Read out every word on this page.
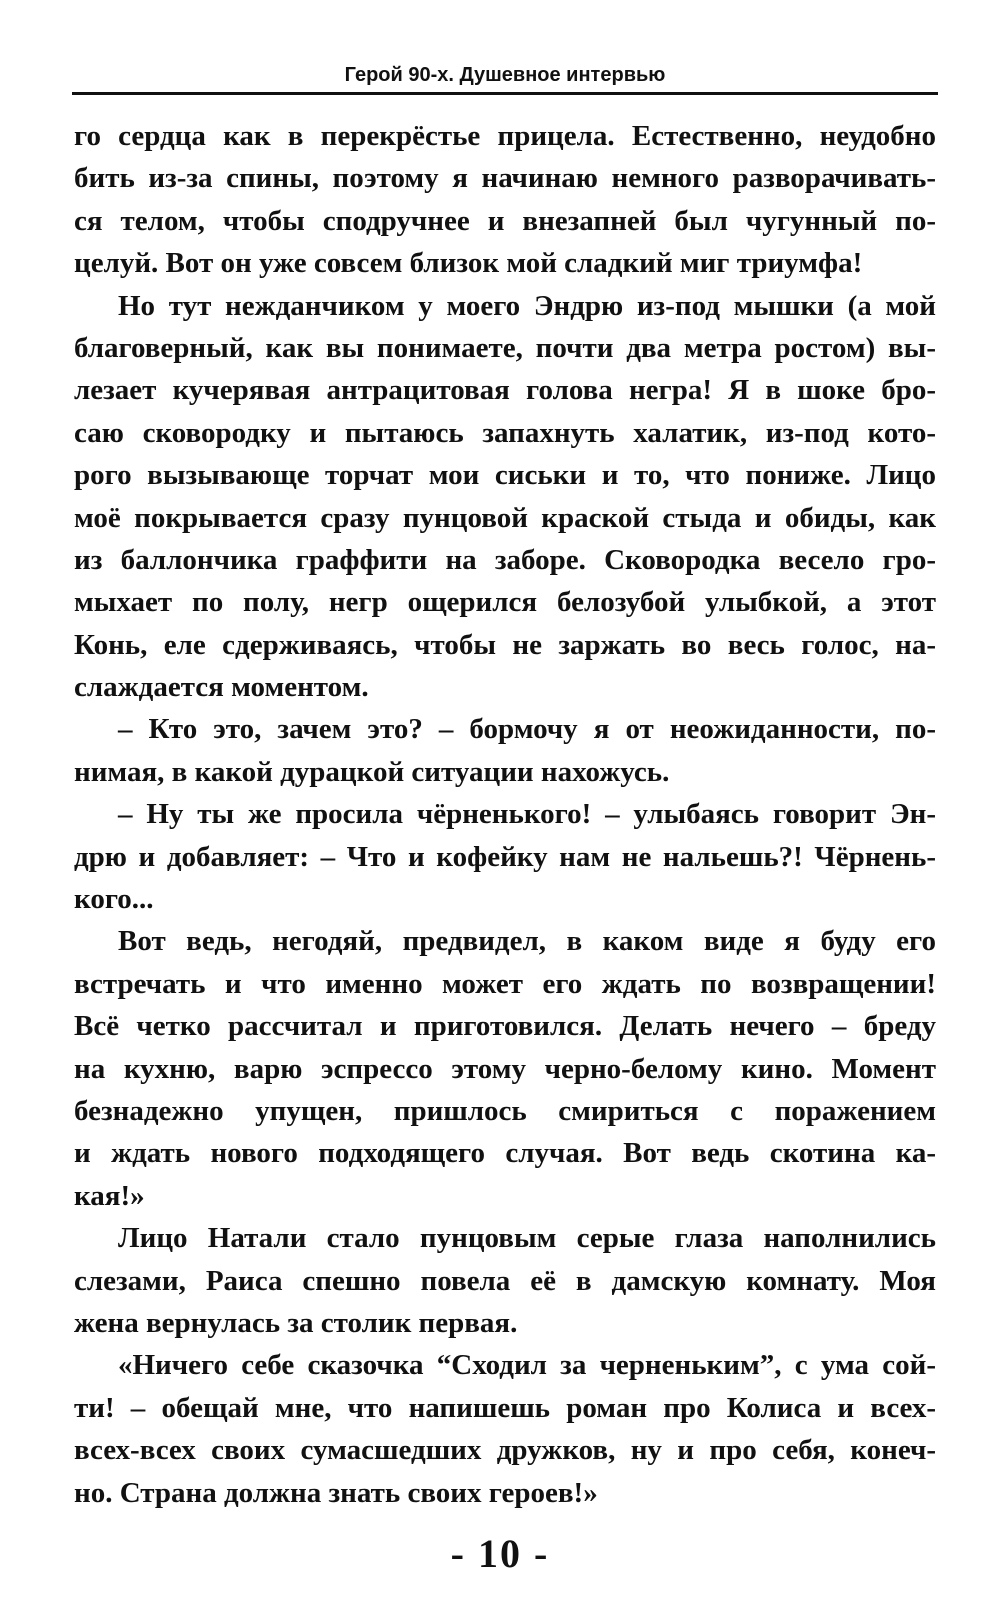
Герой 90-х. Душевное интервью
го сердца как в перекрёстье прицела. Естественно, неудобно
бить из-за спины, поэтому я начинаю немного разворачивать-
ся телом, чтобы сподручнее и внезапней был чугунный по-
целуй. Вот он уже совсем близок мой сладкий миг триумфа!
Но тут нежданчиком у моего Эндрю из-под мышки (а мой
благоверный, как вы понимаете, почти два метра ростом) вы-
лезает кучерявая антрацитовая голова негра! Я в шоке бро-
саю сковородку и пытаюсь запахнуть халатик, из-под кото-
рого вызывающе торчат мои сиськи и то, что пониже. Лицо
моё покрывается сразу пунцовой краской стыда и обиды, как
из баллончика граффити на заборе. Сковородка весело гро-
мыхает по полу, негр ощерился белозубой улыбкой, а этот
Конь, еле сдерживаясь, чтобы не заржать во весь голос, на-
слаждается моментом.
– Кто это, зачем это? – бормочу я от неожиданности, по-
нимая, в какой дурацкой ситуации нахожусь.
– Ну ты же просила чёрненького! – улыбаясь говорит Эн-
дрю и добавляет: – Что и кофейку нам не нальешь?! Чёрнень-
кого...
Вот ведь, негодяй, предвидел, в каком виде я буду его
встречать и что именно может его ждать по возвращении!
Всё четко рассчитал и приготовился. Делать нечего – бреду
на кухню, варю эспрессо этому черно-белому кино. Момент
безнадежно упущен, пришлось смириться с поражением
и ждать нового подходящего случая. Вот ведь скотина ка-
кая!»
Лицо Натали стало пунцовым серые глаза наполнились
слезами, Раиса спешно повела её в дамскую комнату. Моя
жена вернулась за столик первая.
«Ничего себе сказочка “Сходил за черненьким”, с ума сой-
ти! – обещай мне, что напишешь роман про Колиса и всех-
всех-всех своих сумасшедших дружков, ну и про себя, конеч-
но. Страна должна знать своих героев!»
- 10 -
